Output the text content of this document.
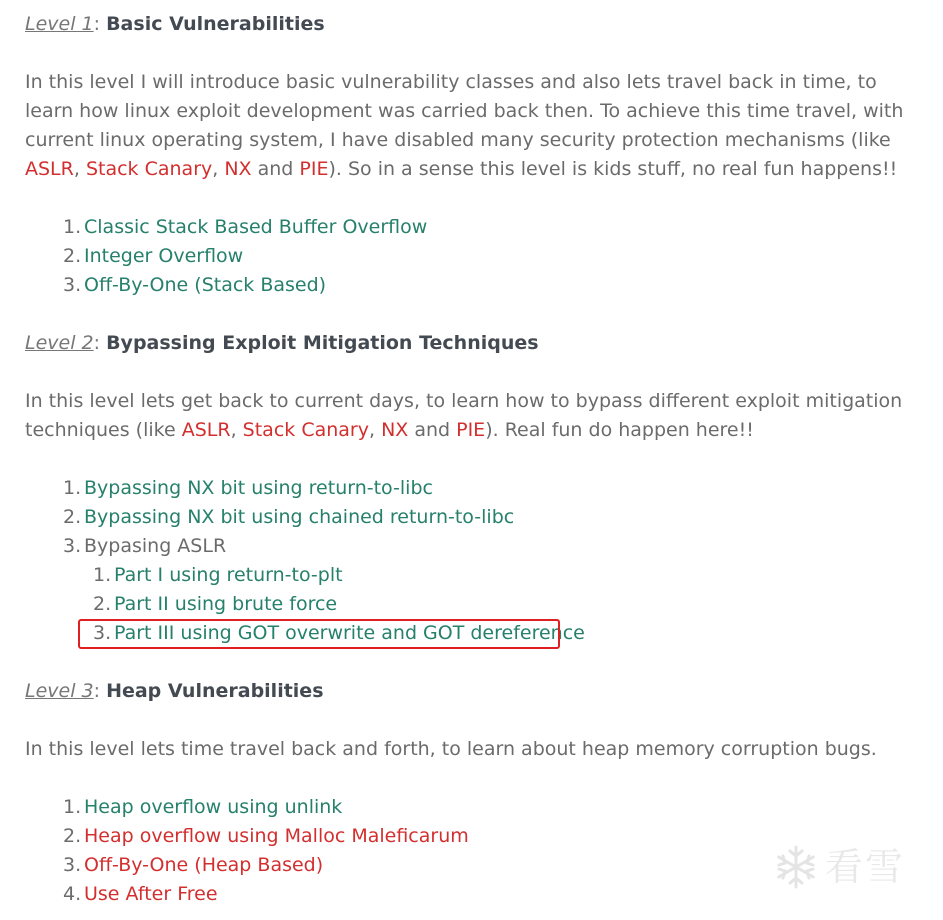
Level 1: Basic Vulnerabilities

In this level I will introduce basic vulnerability classes and also lets travel back in time, to learn how linux exploit development was carried back then. To achieve this time travel, with current linux operating system, I have disabled many security protection mechanisms (like ASLR, Stack Canary, NX and PIE). So in a sense this level is kids stuff, no real fun happens!!

1. Classic Stack Based Buffer Overflow
2. Integer Overflow
3. Off-By-One (Stack Based)

Level 2: Bypassing Exploit Mitigation Techniques

In this level lets get back to current days, to learn how to bypass different exploit mitigation techniques (like ASLR, Stack Canary, NX and PIE). Real fun do happen here!!

1. Bypassing NX bit using return-to-libc
2. Bypassing NX bit using chained return-to-libc
3. Bypasing ASLR
1. Part I using return-to-plt
2. Part II using brute force
3. Part III using GOT overwrite and GOT dereference

Level 3: Heap Vulnerabilities

In this level lets time travel back and forth, to learn about heap memory corruption bugs.

1. Heap overflow using unlink
2. Heap overflow using Malloc Maleficarum
3. Off-By-One (Heap Based)
4. Use After Free
看雪
